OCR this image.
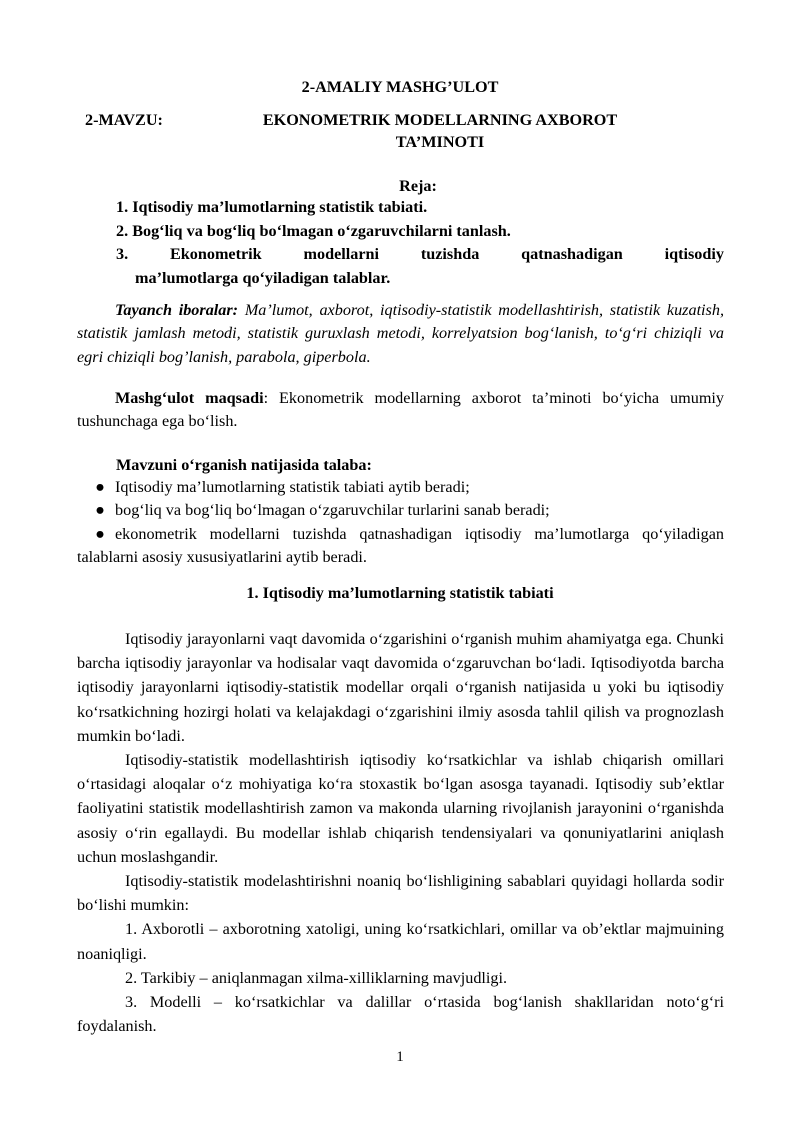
2-AMALIY MASHG’ULOT
2-MAVZU:	EKONOMETRIK MODELLARNING AXBOROT
TA’MINOTI
Reja:
1. Iqtisodiy ma’lumotlarning statistik tabiati.
2. Bog‘liq va bog‘liq bo‘lmagan o‘zgaruvchilarni tanlash.
3. Ekonometrik modellarni tuzishda qatnashadigan iqtisodiy
ma’lumotlarga qo‘yiladigan talablar.

Tayanch iboralar: Ma’lumot, axborot, iqtisodiy-statistik modellashtirish, statistik kuzatish, statistik jamlash metodi, statistik guruxlash metodi, korrelyatsion bog‘lanish, to‘g‘ri chiziqli va egri chiziqli bog’lanish, parabola, giperbola.

Mashg‘ulot maqsadi: Ekonometrik modellarning axborot ta’minoti bo‘yicha umumiy tushunchaga ega bo‘lish.

Mavzuni o‘rganish natijasida talaba:
● Iqtisodiy ma’lumotlarning statistik tabiati aytib beradi;
● bog‘liq va bog‘liq bo‘lmagan o‘zgaruvchilar turlarini sanab beradi;
● ekonometrik modellarni tuzishda qatnashadigan iqtisodiy ma’lumotlarga qo‘yiladigan talablarni asosiy xususiyatlarini aytib beradi.
1. Iqtisodiy ma’lumotlarning statistik tabiati

Iqtisodiy jarayonlarni vaqt davomida o‘zgarishini o‘rganish muhim ahamiyatga ega. Chunki barcha iqtisodiy jarayonlar va hodisalar vaqt davomida o‘zgaruvchan bo‘ladi. Iqtisodiyotda barcha iqtisodiy jarayonlarni iqtisodiy-statistik modellar orqali o‘rganish natijasida u yoki bu iqtisodiy ko‘rsatkichning hozirgi holati va kelajakdagi o‘zgarishini ilmiy asosda tahlil qilish va prognozlash mumkin bo‘ladi.

Iqtisodiy-statistik modellashtirish iqtisodiy ko‘rsatkichlar va ishlab chiqarish omillari o‘rtasidagi aloqalar o‘z mohiyatiga ko‘ra stoxastik bo‘lgan asosga tayanadi. Iqtisodiy sub’ektlar faoliyatini statistik modellashtirish zamon va makonda ularning rivojlanish jarayonini o‘rganishda asosiy o‘rin egallaydi. Bu modellar ishlab chiqarish tendensiyalari va qonuniyatlarini aniqlash uchun moslashgandir.

Iqtisodiy-statistik modelashtirishni noaniq bo‘lishligining sabablari quyidagi hollarda sodir bo‘lishi mumkin:

1. Axborotli – axborotning xatoligi, uning ko‘rsatkichlari, omillar va ob’ektlar majmuining noaniqligi.

2. Tarkibiy – aniqlanmagan xilma-xilliklarning mavjudligi.

3. Modelli – ko‘rsatkichlar va dalillar o‘rtasida bog‘lanish shakllaridan noto‘g‘ri foydalanish.

1
